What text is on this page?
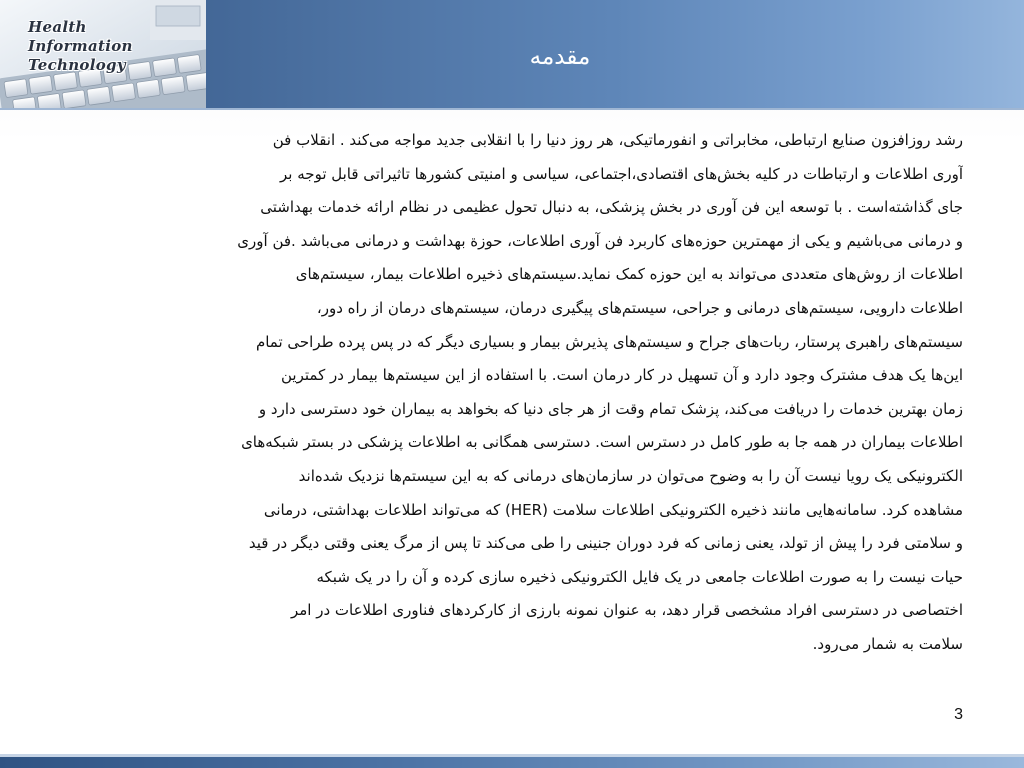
Health
Information
Technology	مقدمه
رشد روزافزون صنایع ارتباطی، مخابراتی و انفورماتیکی، هر روز دنیا را با انقلابی جدید مواجه می‌کند . انقلاب فن
آوری اطلاعات و ارتباطات در کلیه بخش‌های اقتصادی،اجتماعی، سیاسی و امنیتی کشورها تاثیراتی قابل توجه بر
جای گذاشته‌است . با توسعه این فن آوری در بخش پزشکی، به دنبال تحول عظیمی در نظام ارائه خدمات بهداشتی
و درمانی می‌باشیم و یکی از مهمترین حوزه‌های کاربرد فن آوری اطلاعات، حوزة بهداشت و درمانی می‌باشد .فن آوری
اطلاعات از روش‌های متعددی می‌تواند به این حوزه کمک نماید.سیستم‌های ذخیره اطلاعات بیمار، سیستم‌های
اطلاعات دارویی، سیستم‌های درمانی و جراحی، سیستم‌های پیگیری درمان، سیستم‌های درمان از راه دور،
سیستم‌های راهبری پرستار، ربات‌های جراح و سیستم‌های پذیرش بیمار و بسیاری دیگر که در پس پرده طراحی تمام
این‌ها یک هدف مشترک وجود دارد و آن تسهیل در کار درمان است. با استفاده از این سیستم‌ها بیمار در کمترین
زمان بهترین خدمات را دریافت می‌کند، پزشک تمام وقت از هر جای دنیا که بخواهد به بیماران خود دسترسی دارد و
اطلاعات بیماران در همه جا به طور کامل در دسترس است. دسترسی همگانی به اطلاعات پزشکی در بستر شبکه‌های
الکترونیکی یک رویا نیست آن را به وضوح می‌توان در سازمان‌های درمانی که به این سیستم‌ها نزدیک شده‌اند
مشاهده کرد. سامانه‌هایی مانند ذخیره الکترونیکی اطلاعات سلامت (HER) که می‌تواند اطلاعات بهداشتی، درمانی
و سلامتی فرد را پیش از تولد، یعنی زمانی که فرد دوران جنینی را طی می‌کند تا پس از مرگ یعنی وقتی دیگر در قید
حیات نیست را به صورت اطلاعات جامعی در یک فایل الکترونیکی ذخیره سازی کرده و آن را در یک شبکه
اختصاصی در دسترسی افراد مشخصی قرار دهد، به عنوان نمونه بارزی از کارکردهای فناوری اطلاعات در امر
سلامت به شمار می‌رود.
3
